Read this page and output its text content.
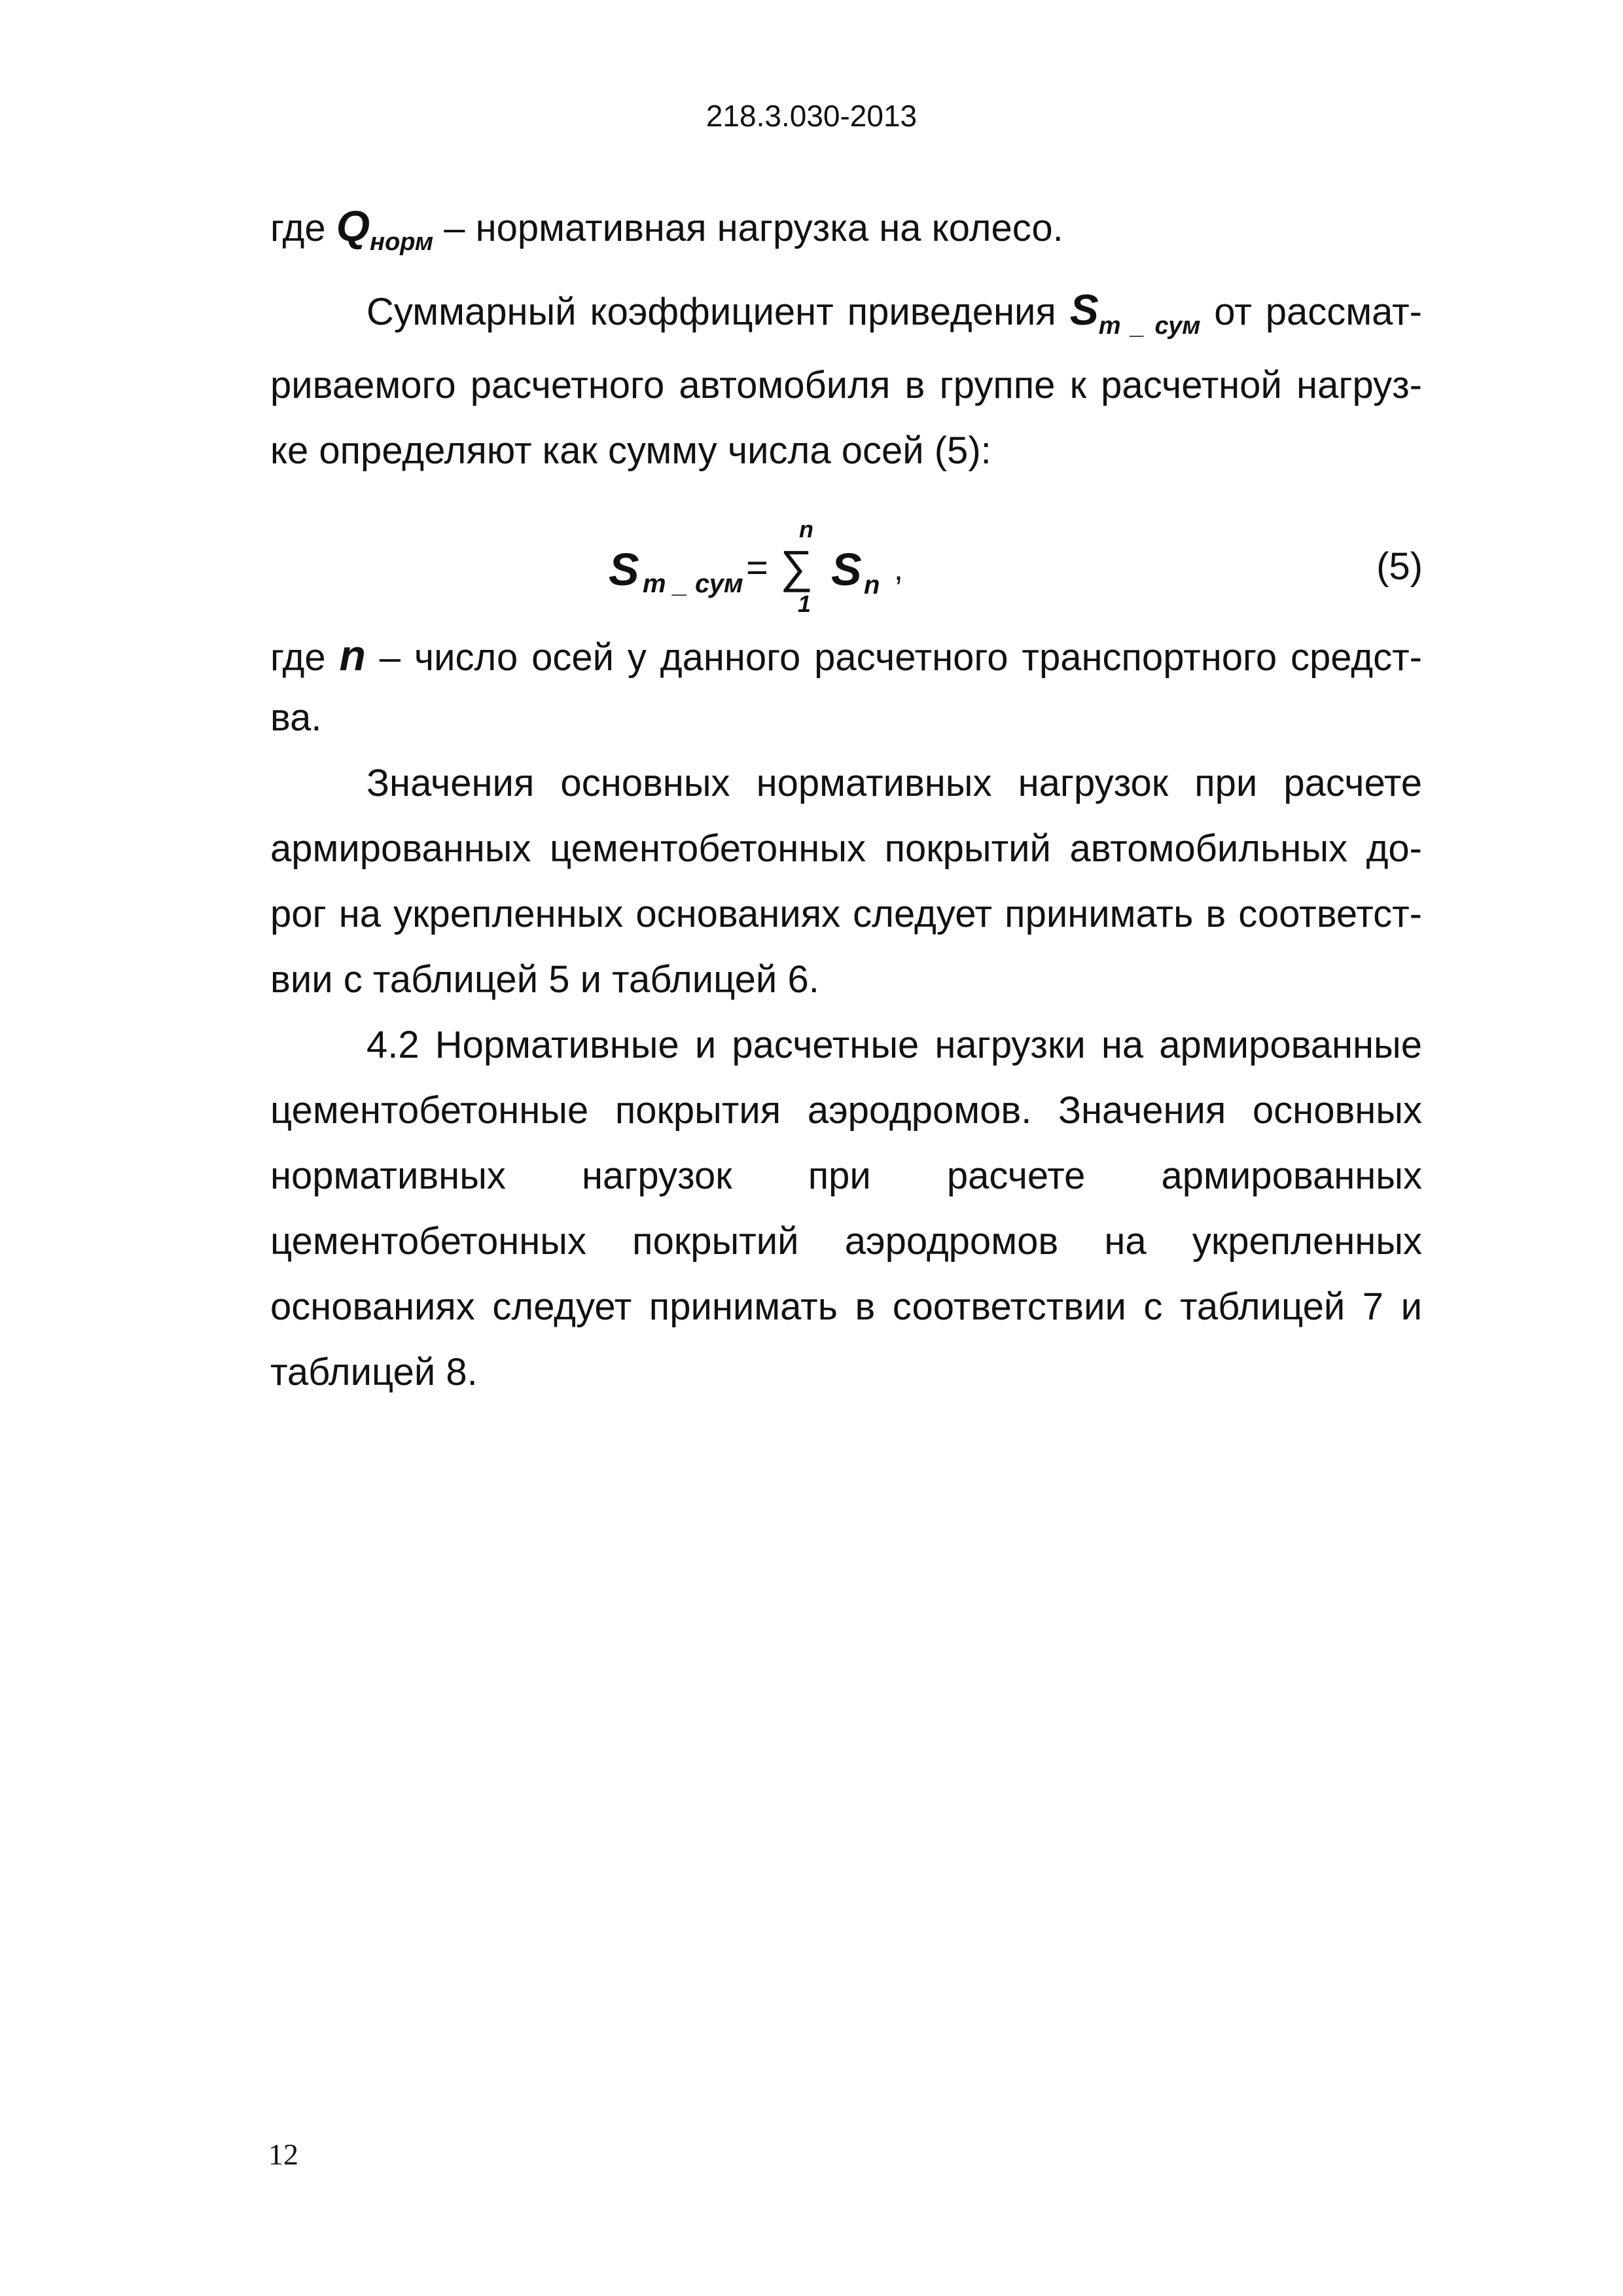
218.3.030-2013
где $Q_{норм}$ – нормативная нагрузка на колесо.
Суммарный коэффициент приведения $S_{m \_ сум}$ от рассмат-
риваемого расчетного автомобиля в группе к расчетной нагруз-
ке определяют как сумму числа осей (5):
S m _ сум =
n
∑
1
S n ,	(5)
где n – число осей у данного расчетного транспортного средст-
ва.
Значения основных нормативных нагрузок при расчете
армированных цементобетонных покрытий автомобильных до-
рог на укрепленных основаниях следует принимать в соответст-
вии с таблицей 5 и таблицей 6.
4.2 Нормативные и расчетные нагрузки на армированные
цементобетонные покрытия аэродромов. Значения основных
нормативных нагрузок при расчете армированных
цементобетонных покрытий аэродромов на укрепленных
основаниях следует принимать в соответствии с таблицей 7 и
таблицей 8.
12
